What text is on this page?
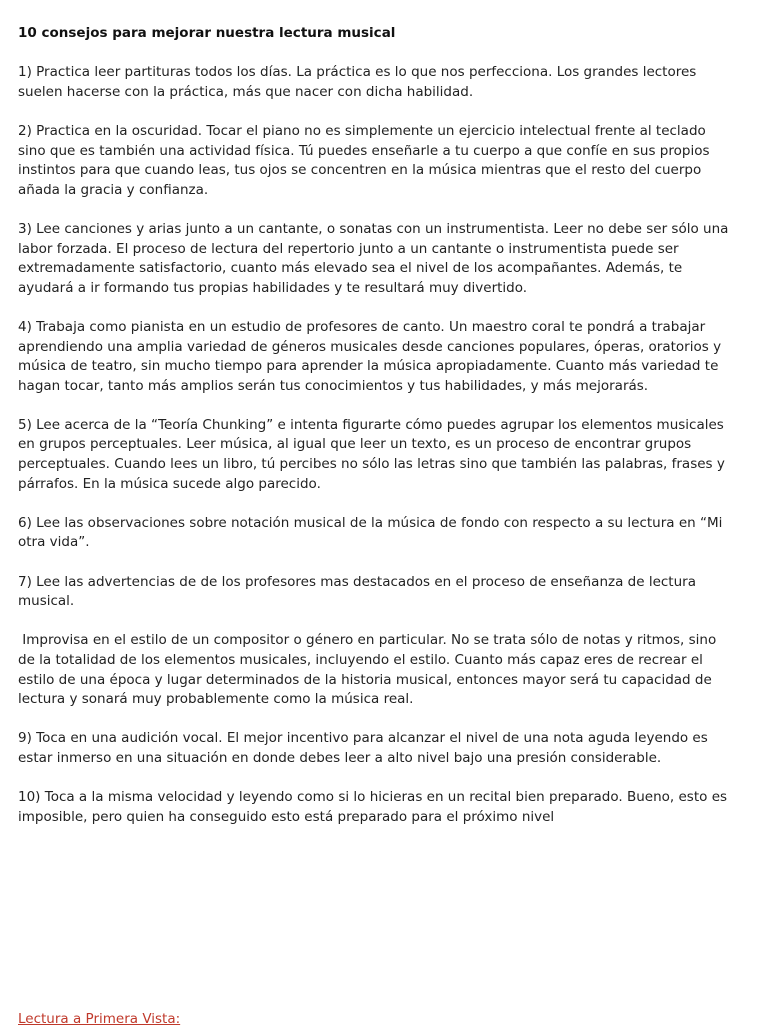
10 consejos para mejorar nuestra lectura musical

1) Practica leer partituras todos los días. La práctica es lo que nos perfecciona. Los grandes lectores suelen hacerse con la práctica, más que nacer con dicha habilidad.

2) Practica en la oscuridad. Tocar el piano no es simplemente un ejercicio intelectual frente al teclado sino que es también una actividad física. Tú puedes enseñarle a tu cuerpo a que confíe en sus propios instintos para que cuando leas, tus ojos se concentren en la música mientras que el resto del cuerpo añada la gracia y confianza.

3) Lee canciones y arias junto a un cantante, o sonatas con un instrumentista. Leer no debe ser sólo una labor forzada. El proceso de lectura del repertorio junto a un cantante o instrumentista puede ser extremadamente satisfactorio, cuanto más elevado sea el nivel de los acompañantes. Además, te ayudará a ir formando tus propias habilidades y te resultará muy divertido.

4) Trabaja como pianista en un estudio de profesores de canto. Un maestro coral te pondrá a trabajar aprendiendo una amplia variedad de géneros musicales desde canciones populares, óperas, oratorios y música de teatro, sin mucho tiempo para aprender la música apropiadamente. Cuanto más variedad te hagan tocar, tanto más amplios serán tus conocimientos y tus habilidades, y más mejorarás.

5) Lee acerca de la “Teoría Chunking” e intenta figurarte cómo puedes agrupar los elementos musicales en grupos perceptuales. Leer música, al igual que leer un texto, es un proceso de encontrar grupos perceptuales. Cuando lees un libro, tú percibes no sólo las letras sino que también las palabras, frases y párrafos. En la música sucede algo parecido.

6) Lee las observaciones sobre notación musical de la música de fondo con respecto a su lectura en “Mi otra vida”.

7) Lee las advertencias de de los profesores mas destacados en el proceso de enseñanza de lectura musical.

Improvisa en el estilo de un compositor o género en particular. No se trata sólo de notas y ritmos, sino de la totalidad de los elementos musicales, incluyendo el estilo. Cuanto más capaz eres de recrear el estilo de una época y lugar determinados de la historia musical, entonces mayor será tu capacidad de lectura y sonará muy probablemente como la música real.

9) Toca en una audición vocal. El mejor incentivo para alcanzar el nivel de una nota aguda leyendo es estar inmerso en una situación en donde debes leer a alto nivel bajo una presión considerable.

10) Toca a la misma velocidad y leyendo como si lo hicieras en un recital bien preparado. Bueno, esto es imposible, pero quien ha conseguido esto está preparado para el próximo nivel

Lectura a Primera Vista:
